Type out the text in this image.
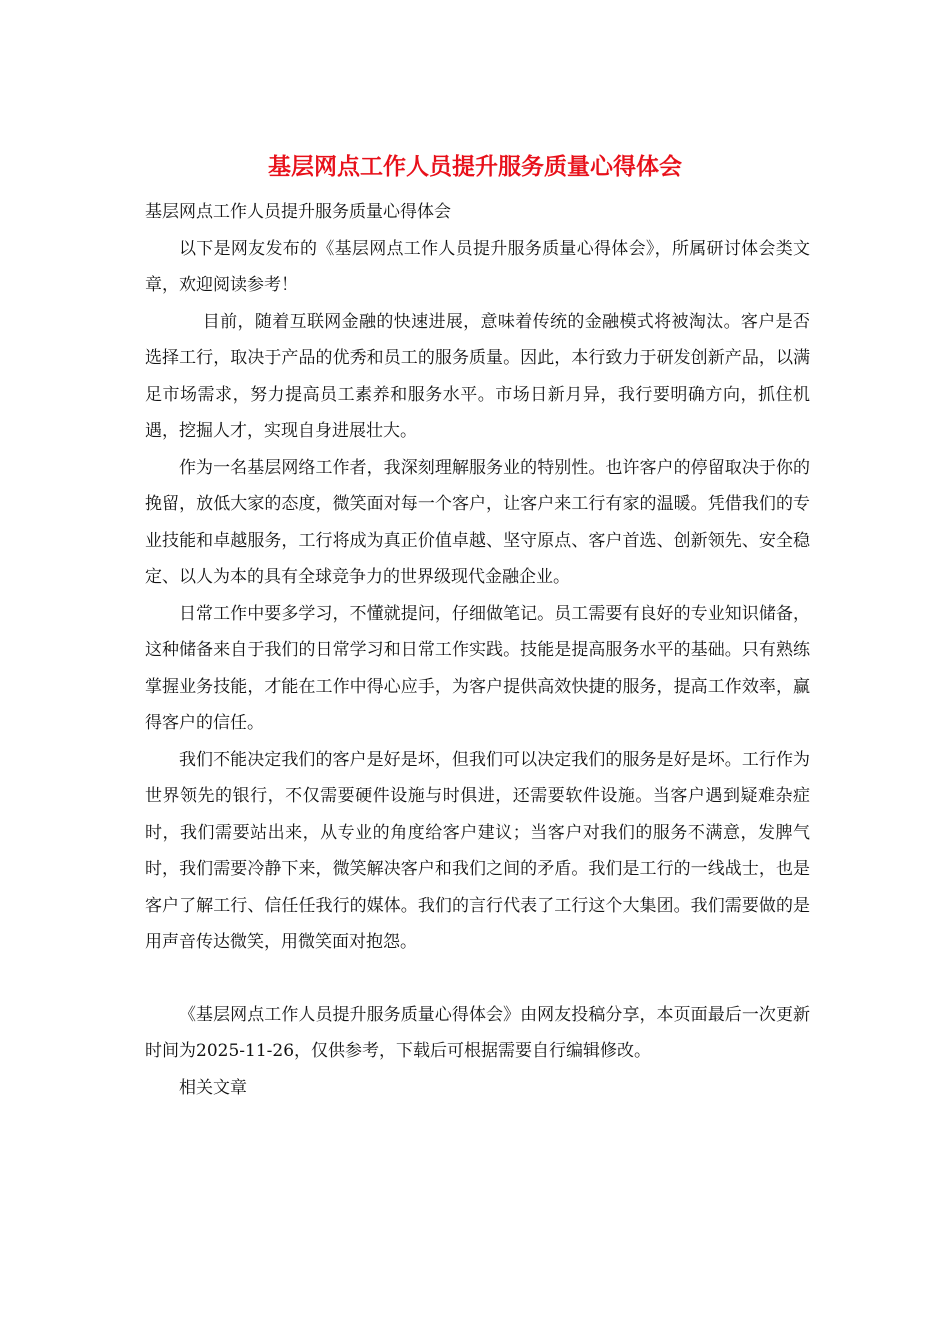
基层网点工作人员提升服务质量心得体会

基层网点工作人员提升服务质量心得体会

以下是网友发布的《基层网点工作人员提升服务质量心得体会》，所属研讨体会类文章，欢迎阅读参考！

目前，随着互联网金融的快速进展，意味着传统的金融模式将被淘汰。客户是否选择工行，取决于产品的优秀和员工的服务质量。因此，本行致力于研发创新产品，以满足市场需求，努力提高员工素养和服务水平。市场日新月异，我行要明确方向，抓住机遇，挖掘人才，实现自身进展壮大。

作为一名基层网络工作者，我深刻理解服务业的特别性。也许客户的停留取决于你的挽留，放低大家的态度，微笑面对每一个客户，让客户来工行有家的温暖。凭借我们的专业技能和卓越服务，工行将成为真正价值卓越、坚守原点、客户首选、创新领先、安全稳定、以人为本的具有全球竞争力的世界级现代金融企业。

日常工作中要多学习，不懂就提问，仔细做笔记。员工需要有良好的专业知识储备，这种储备来自于我们的日常学习和日常工作实践。技能是提高服务水平的基础。只有熟练掌握业务技能，才能在工作中得心应手，为客户提供高效快捷的服务，提高工作效率，赢得客户的信任。

我们不能决定我们的客户是好是坏，但我们可以决定我们的服务是好是坏。工行作为世界领先的银行，不仅需要硬件设施与时俱进，还需要软件设施。当客户遇到疑难杂症时，我们需要站出来，从专业的角度给客户建议；当客户对我们的服务不满意，发脾气时，我们需要冷静下来，微笑解决客户和我们之间的矛盾。我们是工行的一线战士，也是客户了解工行、信任任我行的媒体。我们的言行代表了工行这个大集团。我们需要做的是用声音传达微笑，用微笑面对抱怨。

《基层网点工作人员提升服务质量心得体会》由网友投稿分享，本页面最后一次更新时间为2025-11-26，仅供参考，下载后可根据需要自行编辑修改。

相关文章
